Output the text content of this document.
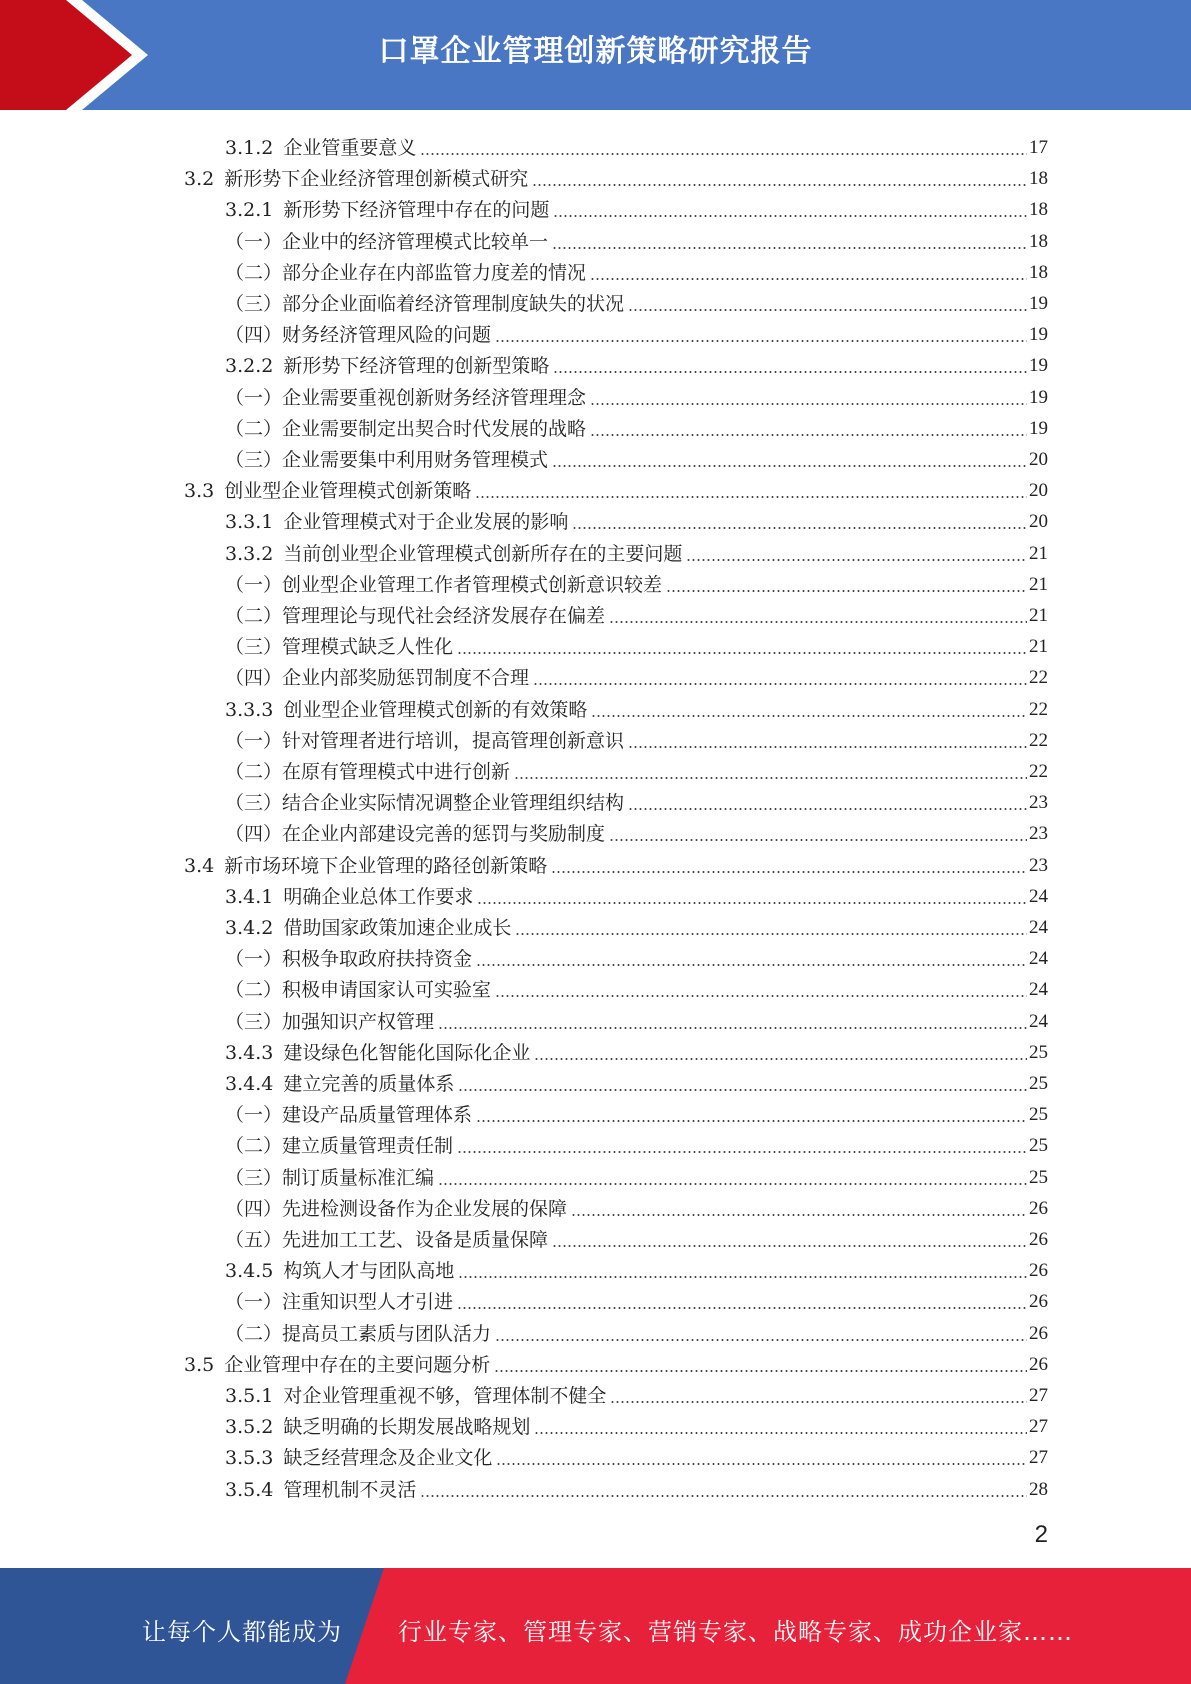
口罩企业管理创新策略研究报告
3.1.2 企业管重要意义	17
3.2 新形势下企业经济管理创新模式研究	18
3.2.1 新形势下经济管理中存在的问题	18
（一）企业中的经济管理模式比较单一	18
（二）部分企业存在内部监管力度差的情况	18
（三）部分企业面临着经济管理制度缺失的状况	19
（四）财务经济管理风险的问题	19
3.2.2 新形势下经济管理的创新型策略	19
（一）企业需要重视创新财务经济管理理念	19
（二）企业需要制定出契合时代发展的战略	19
（三）企业需要集中利用财务管理模式	20
3.3 创业型企业管理模式创新策略	20
3.3.1 企业管理模式对于企业发展的影响	20
3.3.2 当前创业型企业管理模式创新所存在的主要问题	21
（一）创业型企业管理工作者管理模式创新意识较差	21
（二）管理理论与现代社会经济发展存在偏差	21
（三）管理模式缺乏人性化	21
（四）企业内部奖励惩罚制度不合理	22
3.3.3 创业型企业管理模式创新的有效策略	22
（一）针对管理者进行培训，提高管理创新意识	22
（二）在原有管理模式中进行创新	22
（三）结合企业实际情况调整企业管理组织结构	23
（四）在企业内部建设完善的惩罚与奖励制度	23
3.4 新市场环境下企业管理的路径创新策略	23
3.4.1 明确企业总体工作要求	24
3.4.2 借助国家政策加速企业成长	24
（一）积极争取政府扶持资金	24
（二）积极申请国家认可实验室	24
（三）加强知识产权管理	24
3.4.3 建设绿色化智能化国际化企业	25
3.4.4 建立完善的质量体系	25
（一）建设产品质量管理体系	25
（二）建立质量管理责任制	25
（三）制订质量标准汇编	25
（四）先进检测设备作为企业发展的保障	26
（五）先进加工工艺、设备是质量保障	26
3.4.5 构筑人才与团队高地	26
（一）注重知识型人才引进	26
（二）提高员工素质与团队活力	26
3.5 企业管理中存在的主要问题分析	26
3.5.1 对企业管理重视不够，管理体制不健全	27
3.5.2 缺乏明确的长期发展战略规划	27
3.5.3 缺乏经营理念及企业文化	27
3.5.4 管理机制不灵活	28
2
让每个人都能成为 行业专家、管理专家、营销专家、战略专家、成功企业家……
